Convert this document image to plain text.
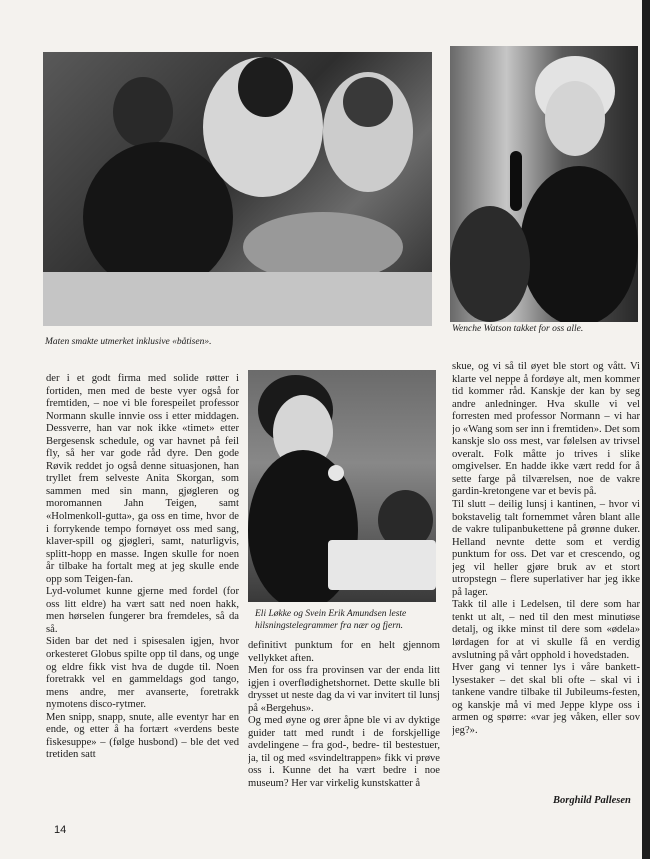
Maten smakte utmerket inklusive «båtisen».
Wenche Watson takket for oss alle.
Eli Løkke og Svein Erik Amundsen leste hilsningstelegrammer fra nær og fjern.
der i et godt firma med solide røtter i fortiden, men med de beste vyer også for fremtiden, – noe vi ble forespeilet professor Normann skulle innvie oss i etter middagen. Dessverre, han var nok ikke «timet» etter Bergesensk schedule, og var havnet på feil fly, så her var gode råd dyre. Den gode Røvik reddet jo også denne situasjonen, han tryllet frem selveste Anita Skorgan, som sammen med sin mann, gjøgleren og moromannen Jahn Teigen, samt «Holmenkoll-gutta», ga oss en time, hvor de i forrykende tempo fornøyet oss med sang, klaver-spill og gjøgleri, samt, naturligvis, splitt-hopp en masse. Ingen skulle for noen år tilbake ha fortalt meg at jeg skulle ende opp som Teigen-fan.
Lyd-volumet kunne gjerne med fordel (for oss litt eldre) ha vært satt ned noen hakk, men hørselen fungerer bra fremdeles, så da så.
Siden bar det ned i spisesalen igjen, hvor orkesteret Globus spilte opp til dans, og unge og eldre fikk vist hva de dugde til. Noen foretrakk vel en gammeldags god tango, mens andre, mer avanserte, foretrakk nymotens disco-rytmer.
Men snipp, snapp, snute, alle eventyr har en ende, og etter å ha fortært «verdens beste fiskesuppe» – (følge husbond) – ble det ved tretiden satt
definitivt punktum for en helt gjennom vellykket aften.
Men for oss fra provinsen var der enda litt igjen i overflødighetshornet. Dette skulle bli drysset ut neste dag da vi var invitert til lunsj på «Bergehus».
Og med øyne og ører åpne ble vi av dyktige guider tatt med rundt i de forskjellige avdelingene – fra god-, bedre- til bestestuer, ja, til og med «svindeltrappen» fikk vi prøve oss i. Kunne det ha vært bedre i noe museum? Her var virkelig kunstskatter å
skue, og vi så til øyet ble stort og vått. Vi klarte vel neppe å fordøye alt, men kommer tid kommer råd. Kanskje der kan by seg andre anledninger. Hva skulle vi vel forresten med professor Normann – vi har jo «Wang som ser inn i fremtiden». Det som kanskje slo oss mest, var følelsen av trivsel overalt. Folk måtte jo trives i slike omgivelser. En hadde ikke vært redd for å sette farge på tilværelsen, noe de vakre gardin-kretongene var et bevis på.
Til slutt – deilig lunsj i kantinen, – hvor vi bokstavelig talt fornemmet våren blant alle de vakre tulipanbukettene på grønne duker. Helland nevnte dette som et verdig punktum for oss. Det var et crescendo, og jeg vil heller gjøre bruk av et stort utropstegn – flere superlativer har jeg ikke på lager.
Takk til alle i Ledelsen, til dere som har tenkt ut alt, – ned til den mest minutiøse detalj, og ikke minst til dere som «ødela» lørdagen for at vi skulle få en verdig avslutning på vårt opphold i hovedstaden.
Hver gang vi tenner lys i våre bankett-lysestaker – det skal bli ofte – skal vi i tankene vandre tilbake til Jubileums-festen, og kanskje må vi med Jeppe klype oss i armen og spørre: «var jeg våken, eller sov jeg?».
Borghild Pallesen
14
